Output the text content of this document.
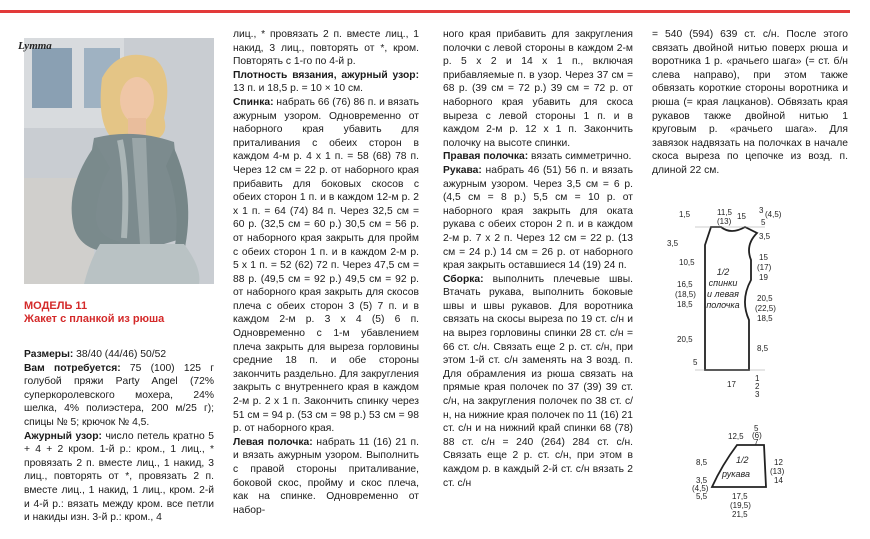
Lyтта
МОДЕЛЬ 11
Жакет с планкой из рюша

Размеры: 38/40 (44/46) 50/52

Вам потребуется: 75 (100) 125 г голубой пряжи Party Angel (72% суперкоролевского мохера, 24% шелка, 4% полиэстера, 200 м/25 г); спицы № 5; крючок № 4,5.

Ажурный узор: число петель кратно 5 + 4 + 2 кром. 1-й р.: кром., 1 лиц., * провязать 2 п. вместе лиц., 1 накид, 3 лиц., повторять от *, провязать 2 п. вместе лиц., 1 накид, 1 лиц., кром. 2-й и 4-й р.: вязать между кром. все петли и накиды изн. 3-й р.: кром., 4

лиц., * провязать 2 п. вместе лиц., 1 накид, 3 лиц., повторять от *, кром. Повторять с 1-го по 4-й р.

Плотность вязания, ажурный узор: 13 п. и 18,5 р. = 10 × 10 см.

Спинка: набрать 66 (76) 86 п. и вязать ажурным узором. Одновременно от наборного края убавить для приталивания с обеих сторон в каждом 4-м р. 4 х 1 п. = 58 (68) 78 п. Через 12 см = 22 р. от наборного края прибавить для боковых скосов с обеих сторон 1 п. и в каждом 12-м р. 2 х 1 п. = 64 (74) 84 п. Через 32,5 см = 60 р. (32,5 см = 60 р.) 30,5 см = 56 р. от наборного края закрыть для пройм с обеих сторон 1 п. и в каждом 2-м р. 5 х 1 п. = 52 (62) 72 п. Через 47,5 см = 88 р. (49,5 см = 92 р.) 49,5 см = 92 р. от наборного края закрыть для скосов плеча с обеих сторон 3 (5) 7 п. и в каждом 2-м р. 3 х 4 (5) 6 п. Одновременно с 1-м убавлением плеча закрыть для выреза горловины средние 18 п. и обе стороны закончить раздельно. Для закругления закрыть с внутреннего края в каждом 2-м р. 2 х 1 п. Закончить спинку через 51 см = 94 р. (53 см = 98 р.) 53 см = 98 р. от наборного края.

Левая полочка: набрать 11 (16) 21 п. и вязать ажурным узором. Выполнить с правой стороны приталивание, боковой скос, пройму и скос плеча, как на спинке. Одновременно от набор-

ного края прибавить для закругления полочки с левой стороны в каждом 2-м р. 5 х 2 и 14 х 1 п., включая прибавляемые п. в узор. Через 37 см = 68 р. (39 см = 72 р.) 39 см = 72 р. от наборного края убавить для скоса выреза с левой стороны 1 п. и в каждом 2-м р. 12 х 1 п. Закончить полочку на высоте спинки.

Правая полочка: вязать симметрично.

Рукава: набрать 46 (51) 56 п. и вязать ажурным узором. Через 3,5 см = 6 р. (4,5 см = 8 р.) 5,5 см = 10 р. от наборного края закрыть для оката рукава с обеих сторон 2 п. и в каждом 2-м р. 7 х 2 п. Через 12 см = 22 р. (13 см = 24 р.) 14 см = 26 р. от наборного края закрыть оставшиеся 14 (19) 24 п.

Сборка: выполнить плечевые швы. Втачать рукава, выполнить боковые швы и швы рукавов. Для воротника связать на скосы выреза по 19 ст. с/н и на вырез горловины спинки 28 ст. с/н = 66 ст. с/н. Связать еще 2 р. ст. с/н, при этом 1-й ст. с/н заменять на 3 возд. п. Для обрамления из рюша связать на прямые края полочек по 37 (39) 39 ст. с/н, на закругления полочек по 38 ст. с/н, на нижние края полочек по 11 (16) 21 ст. с/н и на нижний край спинки 68 (78) 88 ст. с/н = 240 (264) 284 ст. с/н. Связать еще 2 р. ст. с/н, при этом в каждом р. в каждый 2-й ст. с/н вязать 2 ст. с/н

= 540 (594) 639 ст. с/н. После этого связать двойной нитью поверх рюша и воротника 1 р. «рачьего шага» (= ст. б/н слева направо), при этом также обвязать короткие стороны воротника и рюша (= края лацканов). Обвязать края рукавов также двойной нитью 1 круговым р. «рачьего шага». Для завязок надвязать на полочках в начале скоса выреза по цепочке из возд. п. длиной 22 см.

1/2
спинки
и левая
полочка
1,5	11,5
(13)
15
3 (4,5)
5
3,5
10,5
16,5
(18,5)
18,5
20,5
5
3,5
15
(17)
19
20,5
(22,5)
18,5
8,5
17
1
2
3
1/2
рукава
12,5
5
(6)
7
8,5	12
(13)
14
3,5
(4,5)
5,5	17,5
(19,5)
21,5
